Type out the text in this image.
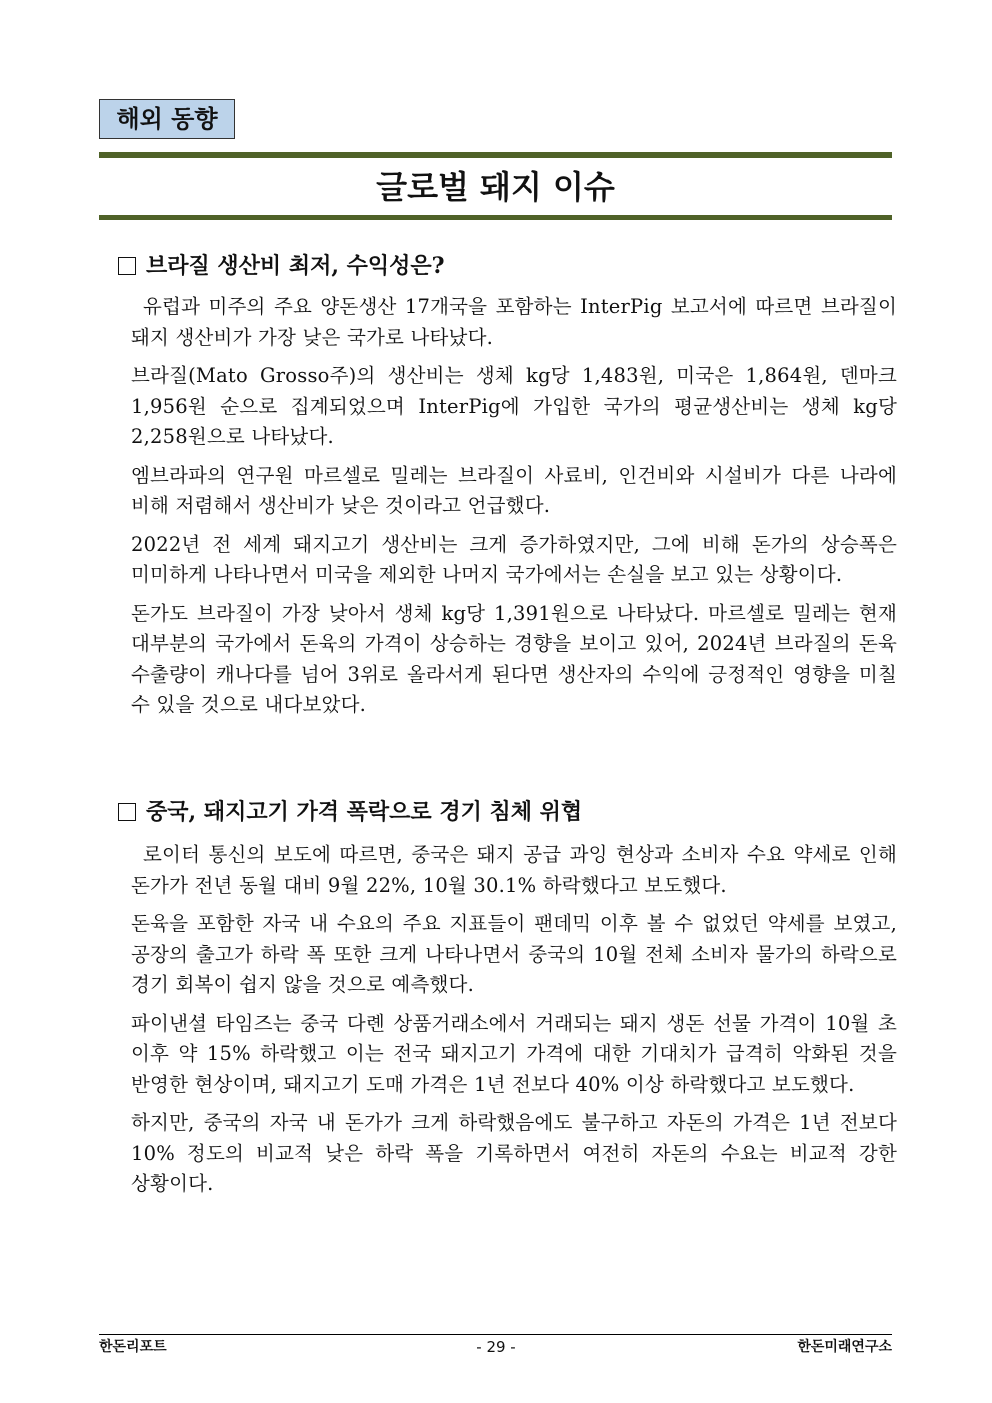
해외 동향
글로벌 돼지 이슈
브라질 생산비 최저, 수익성은?

유럽과 미주의 주요 양돈생산 17개국을 포함하는 InterPig 보고서에 따르면 브라질이 돼지 생산비가 가장 낮은 국가로 나타났다.

브라질(Mato Grosso주)의 생산비는 생체 kg당 1,483원, 미국은 1,864원, 덴마크 1,956원 순으로 집계되었으며 InterPig에 가입한 국가의 평균생산비는 생체 kg당 2,258원으로 나타났다.

엠브라파의 연구원 마르셀로 밀레는 브라질이 사료비, 인건비와 시설비가 다른 나라에 비해 저렴해서 생산비가 낮은 것이라고 언급했다.

2022년 전 세계 돼지고기 생산비는 크게 증가하였지만, 그에 비해 돈가의 상승폭은 미미하게 나타나면서 미국을 제외한 나머지 국가에서는 손실을 보고 있는 상황이다.

돈가도 브라질이 가장 낮아서 생체 kg당 1,391원으로 나타났다. 마르셀로 밀레는 현재 대부분의 국가에서 돈육의 가격이 상승하는 경향을 보이고 있어, 2024년 브라질의 돈육 수출량이 캐나다를 넘어 3위로 올라서게 된다면 생산자의 수익에 긍정적인 영향을 미칠 수 있을 것으로 내다보았다.

중국, 돼지고기 가격 폭락으로 경기 침체 위협

로이터 통신의 보도에 따르면, 중국은 돼지 공급 과잉 현상과 소비자 수요 약세로 인해 돈가가 전년 동월 대비 9월 22%, 10월 30.1% 하락했다고 보도했다.

돈육을 포함한 자국 내 수요의 주요 지표들이 팬데믹 이후 볼 수 없었던 약세를 보였고, 공장의 출고가 하락 폭 또한 크게 나타나면서 중국의 10월 전체 소비자 물가의 하락으로 경기 회복이 쉽지 않을 것으로 예측했다.

파이낸셜 타임즈는 중국 다롄 상품거래소에서 거래되는 돼지 생돈 선물 가격이 10월 초 이후 약 15% 하락했고 이는 전국 돼지고기 가격에 대한 기대치가 급격히 악화된 것을 반영한 현상이며, 돼지고기 도매 가격은 1년 전보다 40% 이상 하락했다고 보도했다.

하지만, 중국의 자국 내 돈가가 크게 하락했음에도 불구하고 자돈의 가격은 1년 전보다 10% 정도의 비교적 낮은 하락 폭을 기록하면서 여전히 자돈의 수요는 비교적 강한 상황이다.

한돈리포트	- 29 -	한돈미래연구소
